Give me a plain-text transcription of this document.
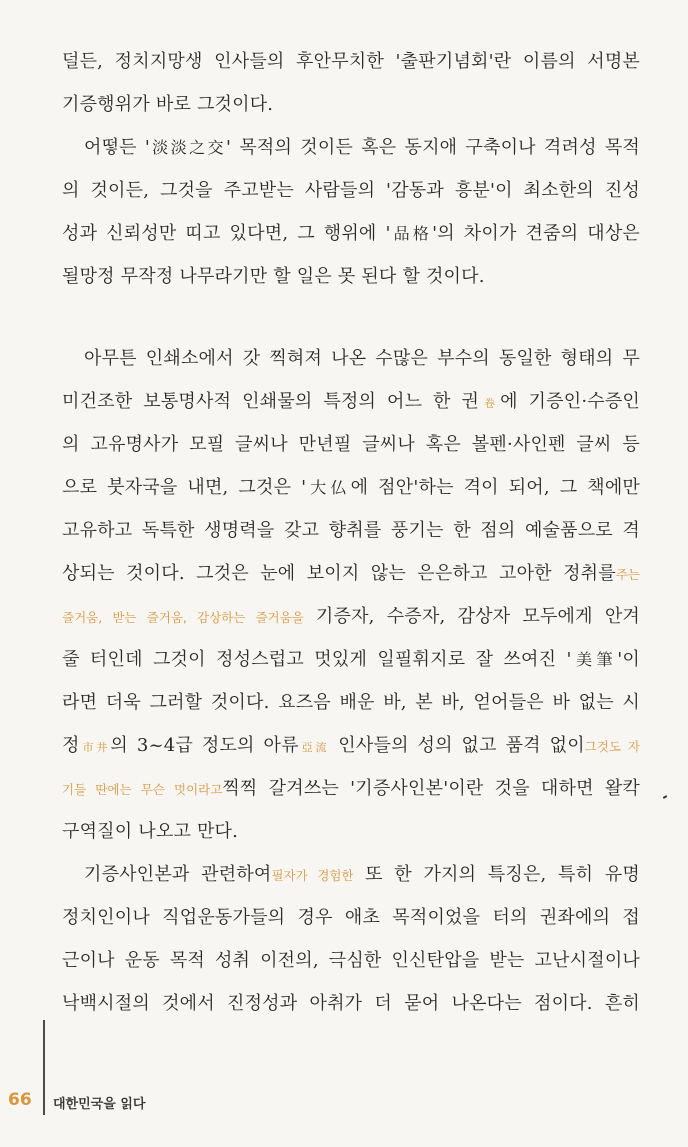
덜든, 정치지망생 인사들의 후안무치한 '출판기념회'란 이름의 서명본
기증행위가 바로 그것이다.
어떻든 '淡淡之交' 목적의 것이든 혹은 동지애 구축이나 격려성 목적
의 것이든, 그것을 주고받는 사람들의 '감동과 흥분'이 최소한의 진성
성과 신뢰성만 띠고 있다면, 그 행위에 '品格'의 차이가 견줌의 대상은
될망정 무작정 나무라기만 할 일은 못 된다 할 것이다.
아무튼 인쇄소에서 갓 찍혀져 나온 수많은 부수의 동일한 형태의 무
미건조한 보통명사적 인쇄물의 특정의 어느 한 권卷에 기증인·수증인
의 고유명사가 모필 글씨나 만년필 글씨나 혹은 볼펜·사인펜 글씨 등
으로 붓자국을 내면, 그것은 '大仏에 점안'하는 격이 되어, 그 책에만
고유하고 독특한 생명력을 갖고 향취를 풍기는 한 점의 예술품으로 격
상되는 것이다. 그것은 눈에 보이지 않는 은은하고 고아한 정취를주는
즐거움, 받는 즐거움, 감상하는 즐거움을 기증자, 수증자, 감상자 모두에게 안겨
줄 터인데 그것이 정성스럽고 멋있게 일필휘지로 잘 쓰여진 '美筆'이
라면 더욱 그러할 것이다. 요즈음 배운 바, 본 바, 얻어들은 바 없는 시
정市井의 3~4급 정도의 아류亞流 인사들의 성의 없고 품격 없이그것도 자
기들 딴에는 무슨 멋이라고찍찍 갈겨쓰는 '기증사인본'이란 것을 대하면 왈칵
구역질이 나오고 만다.
기증사인본과 관련하여필자가 경험한 또 한 가지의 특징은, 특히 유명
정치인이나 직업운동가들의 경우 애초 목적이었을 터의 권좌에의 접
근이나 운동 목적 성취 이전의, 극심한 인신탄압을 받는 고난시절이나
낙백시절의 것에서 진정성과 아취가 더 묻어 나온다는 점이다. 흔히
66 대한민국을 읽다
